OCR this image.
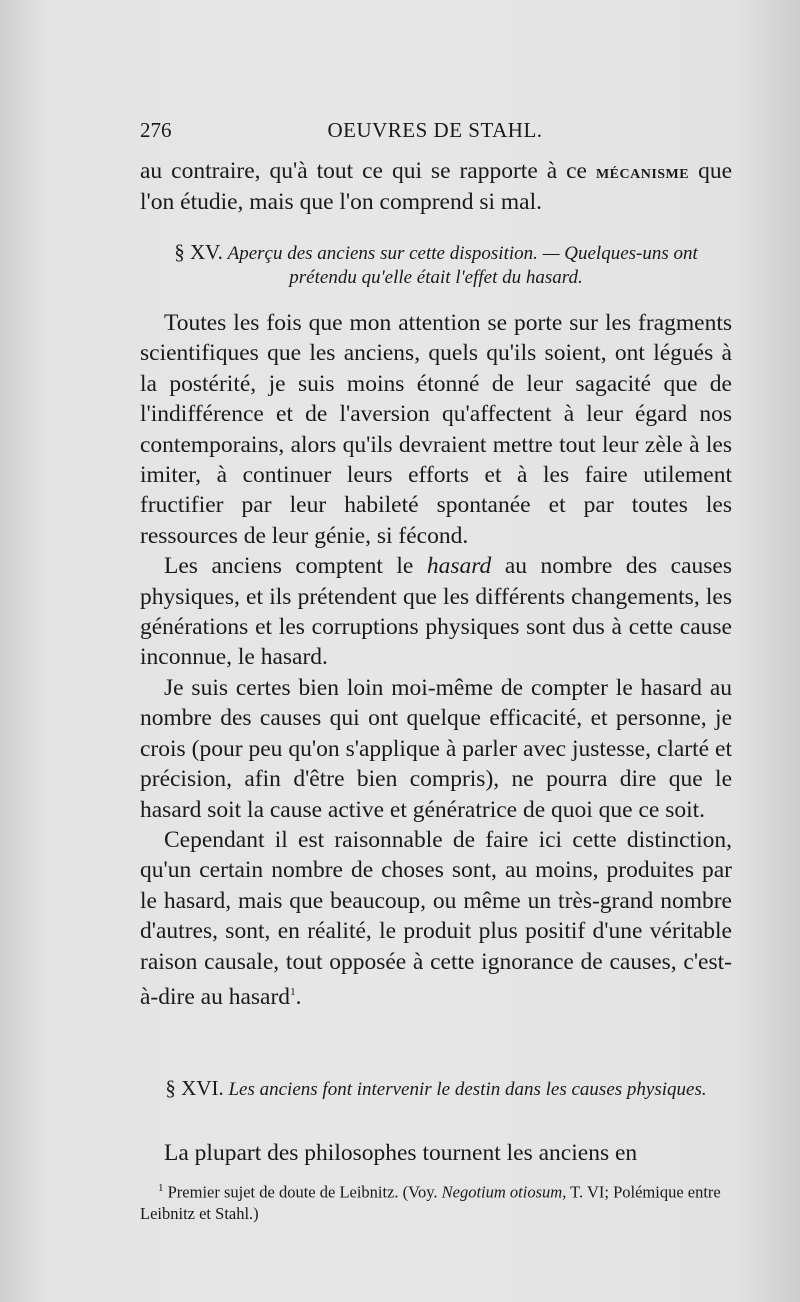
276	OEUVRES DE STAHL.

au contraire, qu'à tout ce qui se rapporte à ce mécanisme que l'on étudie, mais que l'on comprend si mal.

§ XV. Aperçu des anciens sur cette disposition. — Quelques-uns ont prétendu qu'elle était l'effet du hasard.

Toutes les fois que mon attention se porte sur les fragments scientifiques que les anciens, quels qu'ils soient, ont légués à la postérité, je suis moins étonné de leur sagacité que de l'indifférence et de l'aversion qu'affectent à leur égard nos contemporains, alors qu'ils devraient mettre tout leur zèle à les imiter, à continuer leurs efforts et à les faire utilement fructifier par leur habileté spontanée et par toutes les ressources de leur génie, si fécond.

Les anciens comptent le hasard au nombre des causes physiques, et ils prétendent que les différents changements, les générations et les corruptions physiques sont dus à cette cause inconnue, le hasard.

Je suis certes bien loin moi-même de compter le hasard au nombre des causes qui ont quelque efficacité, et personne, je crois (pour peu qu'on s'applique à parler avec justesse, clarté et précision, afin d'être bien compris), ne pourra dire que le hasard soit la cause active et génératrice de quoi que ce soit.

Cependant il est raisonnable de faire ici cette distinction, qu'un certain nombre de choses sont, au moins, produites par le hasard, mais que beaucoup, ou même un très-grand nombre d'autres, sont, en réalité, le produit plus positif d'une véritable raison causale, tout opposée à cette ignorance de causes, c'est-à-dire au hasard$^1$.

§ XVI. Les anciens font intervenir le destin dans les causes physiques.

La plupart des philosophes tournent les anciens en

$^1$ Premier sujet de doute de Leibnitz. (Voy. Negotium otiosum, T. VI; Polémique entre Leibnitz et Stahl.)
